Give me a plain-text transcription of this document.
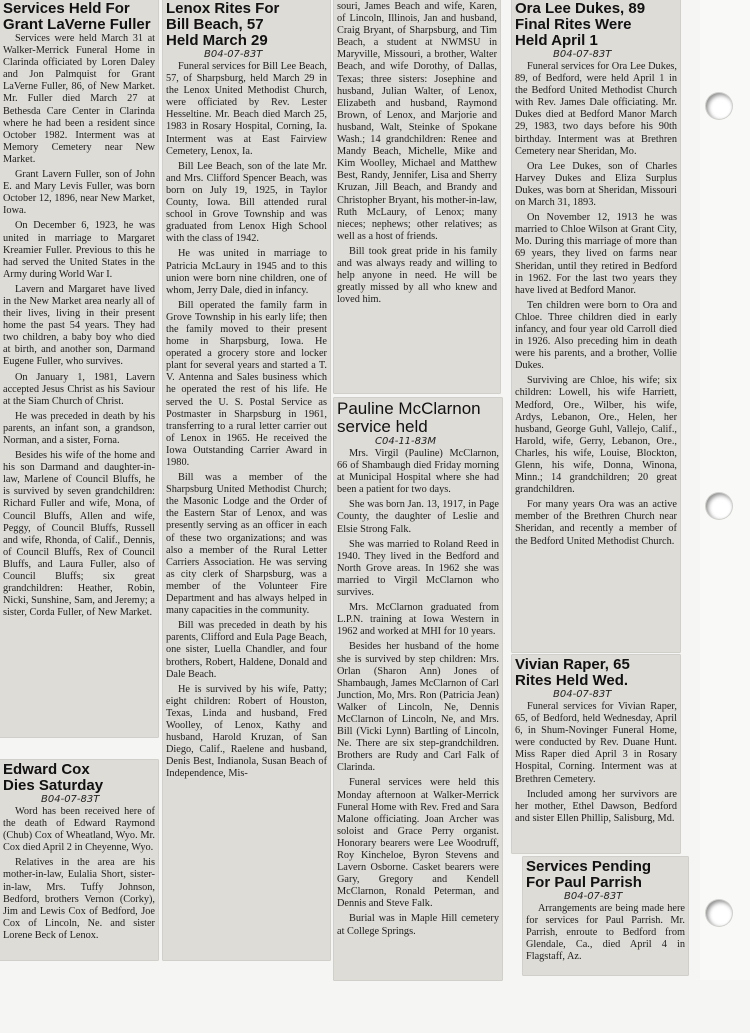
Services Held For

Grant LaVerne Fuller

Services were held March 31 at Walker-Merrick Funeral Home in Clarinda officiated by Loren Daley and Jon Palmquist for Grant LaVerne Fuller, 86, of New Market. Mr. Fuller died March 27 at Bethesda Care Center in Clarinda where he had been a resident since October 1982. Interment was at Memory Cemetery near New Market.

Grant Lavern Fuller, son of John E. and Mary Levis Fuller, was born October 12, 1896, near New Market, Iowa.

On December 6, 1923, he was united in marriage to Margaret Kreamier Fuller. Previous to this he had served the United States in the Army during World War I.

Lavern and Margaret have lived in the New Market area nearly all of their lives, living in their present home the past 54 years. They had two children, a baby boy who died at birth, and another son, Darmand Eugene Fuller, who survives.

On January 1, 1981, Lavern accepted Jesus Christ as his Saviour at the Siam Church of Christ.

He was preceded in death by his parents, an infant son, a grandson, Norman, and a sister, Forna.

Besides his wife of the home and his son Darmand and daughter-in-law, Marlene of Council Bluffs, he is survived by seven grandchildren: Richard Fuller and wife, Mona, of Council Bluffs, Allen and wife, Peggy, of Council Bluffs, Russell and wife, Rhonda, of Calif., Dennis, of Council Bluffs, Rex of Council Bluffs, and Laura Fuller, also of Council Bluffs; six great grandchildren: Heather, Robin, Nicki, Sunshine, Sam, and Jeremy; a sister, Corda Fuller, of New Market.

Edward Cox

Dies Saturday

B04-07-83T

Word has been received here of the death of Edward Raymond (Chub) Cox of Wheatland, Wyo. Mr. Cox died April 2 in Cheyenne, Wyo.

Relatives in the area are his mother-in-law, Eulalia Short, sister-in-law, Mrs. Tuffy Johnson, Bedford, brothers Vernon (Corky), Jim and Lewis Cox of Bedford, Joe Cox of Lincoln, Ne. and sister Lorene Beck of Lenox.

Lenox Rites For

Bill Beach, 57

Held March 29

B04-07-83T

Funeral services for Bill Lee Beach, 57, of Sharpsburg, held March 29 in the Lenox United Methodist Church, were officiated by Rev. Lester Hesseltine. Mr. Beach died March 25, 1983 in Rosary Hospital, Corning, Ia. Interment was at East Fairview Cemetery, Lenox, Ia.

Bill Lee Beach, son of the late Mr. and Mrs. Clifford Spencer Beach, was born on July 19, 1925, in Taylor County, Iowa. Bill attended rural school in Grove Township and was graduated from Lenox High School with the class of 1942.

He was united in marriage to Patricia McLaury in 1945 and to this union were born nine children, one of whom, Jerry Dale, died in infancy.

Bill operated the family farm in Grove Township in his early life; then the family moved to their present home in Sharpsburg, Iowa. He operated a grocery store and locker plant for several years and started a T. V. Antenna and Sales business which he operated the rest of his life. He served the U. S. Postal Service as Postmaster in Sharpsburg in 1961, transferring to a rural letter carrier out of Lenox in 1965. He received the Iowa Outstanding Carrier Award in 1980.

Bill was a member of the Sharpsburg United Methodist Church; the Masonic Lodge and the Order of the Eastern Star of Lenox, and was presently serving as an officer in each of these two organizations; and was also a member of the Rural Letter Carriers Association. He was serving as city clerk of Sharpsburg, was a member of the Volunteer Fire Department and has always helped in many capacities in the community.

Bill was preceded in death by his parents, Clifford and Eula Page Beach, one sister, Luella Chandler, and four brothers, Robert, Haldene, Donald and Dale Beach.

He is survived by his wife, Patty; eight children: Robert of Houston, Texas, Linda and husband, Fred Woolley, of Lenox, Kathy and husband, Harold Kruzan, of San Diego, Calif., Raelene and husband, Denis Best, Indianola, Susan Beach of Independence, Mis-

souri, James Beach and wife, Karen, of Lincoln, Illinois, Jan and husband, Craig Bryant, of Sharpsburg, and Tim Beach, a student at NWMSU in Maryville, Missouri, a brother, Walter Beach, and wife Dorothy, of Dallas, Texas; three sisters: Josephine and husband, Julian Walter, of Lenox, Elizabeth and husband, Raymond Brown, of Lenox, and Marjorie and husband, Walt, Steinke of Spokane Wash.; 14 grandchildren: Renee and Mandy Beach, Michelle, Mike and Kim Woolley, Michael and Matthew Best, Randy, Jennifer, Lisa and Sherry Kruzan, Jill Beach, and Brandy and Christopher Bryant, his mother-in-law, Ruth McLaury, of Lenox; many nieces; nephews; other relatives; as well as a host of friends.

Bill took great pride in his family and was always ready and willing to help anyone in need. He will be greatly missed by all who knew and loved him.

Pauline McClarnon

service held

C04-11-83M

Mrs. Virgil (Pauline) McClarnon, 66 of Shambaugh died Friday morning at Municipal Hospital where she had been a patient for two days.

She was born Jan. 13, 1917, in Page County, the daughter of Leslie and Elsie Strong Falk.

She was married to Roland Reed in 1940. They lived in the Bedford and North Grove areas. In 1962 she was married to Virgil McClarnon who survives.

Mrs. McClarnon graduated from L.P.N. training at Iowa Western in 1962 and worked at MHI for 10 years.

Besides her husband of the home she is survived by step children: Mrs. Orlan (Sharon Ann) Jones of Shambaugh, James McClarnon of Carl Junction, Mo, Mrs. Ron (Patricia Jean) Walker of Lincoln, Ne, Dennis McClarnon of Lincoln, Ne, and Mrs. Bill (Vicki Lynn) Bartling of Lincoln, Ne. There are six step-grandchildren. Brothers are Rudy and Carl Falk of Clarinda.

Funeral services were held this Monday afternoon at Walker-Merrick Funeral Home with Rev. Fred and Sara Malone officiating. Joan Archer was soloist and Grace Perry organist. Honorary bearers were Lee Woodruff, Roy Kincheloe, Byron Stevens and Lavern Osborne. Casket bearers were Gary, Gregory and Kendell McClarnon, Ronald Peterman, and Dennis and Steve Falk.

Burial was in Maple Hill cemetery at College Springs.

Ora Lee Dukes, 89

Final Rites Were

Held April 1

B04-07-83T

Funeral services for Ora Lee Dukes, 89, of Bedford, were held April 1 in the Bedford United Methodist Church with Rev. James Dale officiating. Mr. Dukes died at Bedford Manor March 29, 1983, two days before his 90th birthday. Interment was at Brethren Cemetery near Sheridan, Mo.

Ora Lee Dukes, son of Charles Harvey Dukes and Eliza Surplus Dukes, was born at Sheridan, Missouri on March 31, 1893.

On November 12, 1913 he was married to Chloe Wilson at Grant City, Mo. During this marriage of more than 69 years, they lived on farms near Sheridan, until they retired in Bedford in 1962. For the last two years they have lived at Bedford Manor.

Ten children were born to Ora and Chloe. Three children died in early infancy, and four year old Carroll died in 1926. Also preceding him in death were his parents, and a brother, Vollie Dukes.

Surviving are Chloe, his wife; six children: Lowell, his wife Harriett, Medford, Ore., Wilber, his wife, Ardys, Lebanon, Ore., Helen, her husband, George Guhl, Vallejo, Calif., Harold, wife, Gerry, Lebanon, Ore., Charles, his wife, Louise, Blockton, Glenn, his wife, Donna, Winona, Minn.; 14 grandchildren; 20 great grandchildren.

For many years Ora was an active member of the Brethren Church near Sheridan, and recently a member of the Bedford United Methodist Church.

Vivian Raper, 65

Rites Held Wed.

B04-07-83T

Funeral services for Vivian Raper, 65, of Bedford, held Wednesday, April 6, in Shum-Novinger Funeral Home, were conducted by Rev. Duane Hunt. Miss Raper died April 3 in Rosary Hospital, Corning. Interment was at Brethren Cemetery.

Included among her survivors are her mother, Ethel Dawson, Bedford and sister Ellen Phillip, Salisburg, Md.

Services Pending

For Paul Parrish

B04-07-83T

Arrangements are being made here for services for Paul Parrish. Mr. Parrish, enroute to Bedford from Glendale, Ca., died April 4 in Flagstaff, Az.
